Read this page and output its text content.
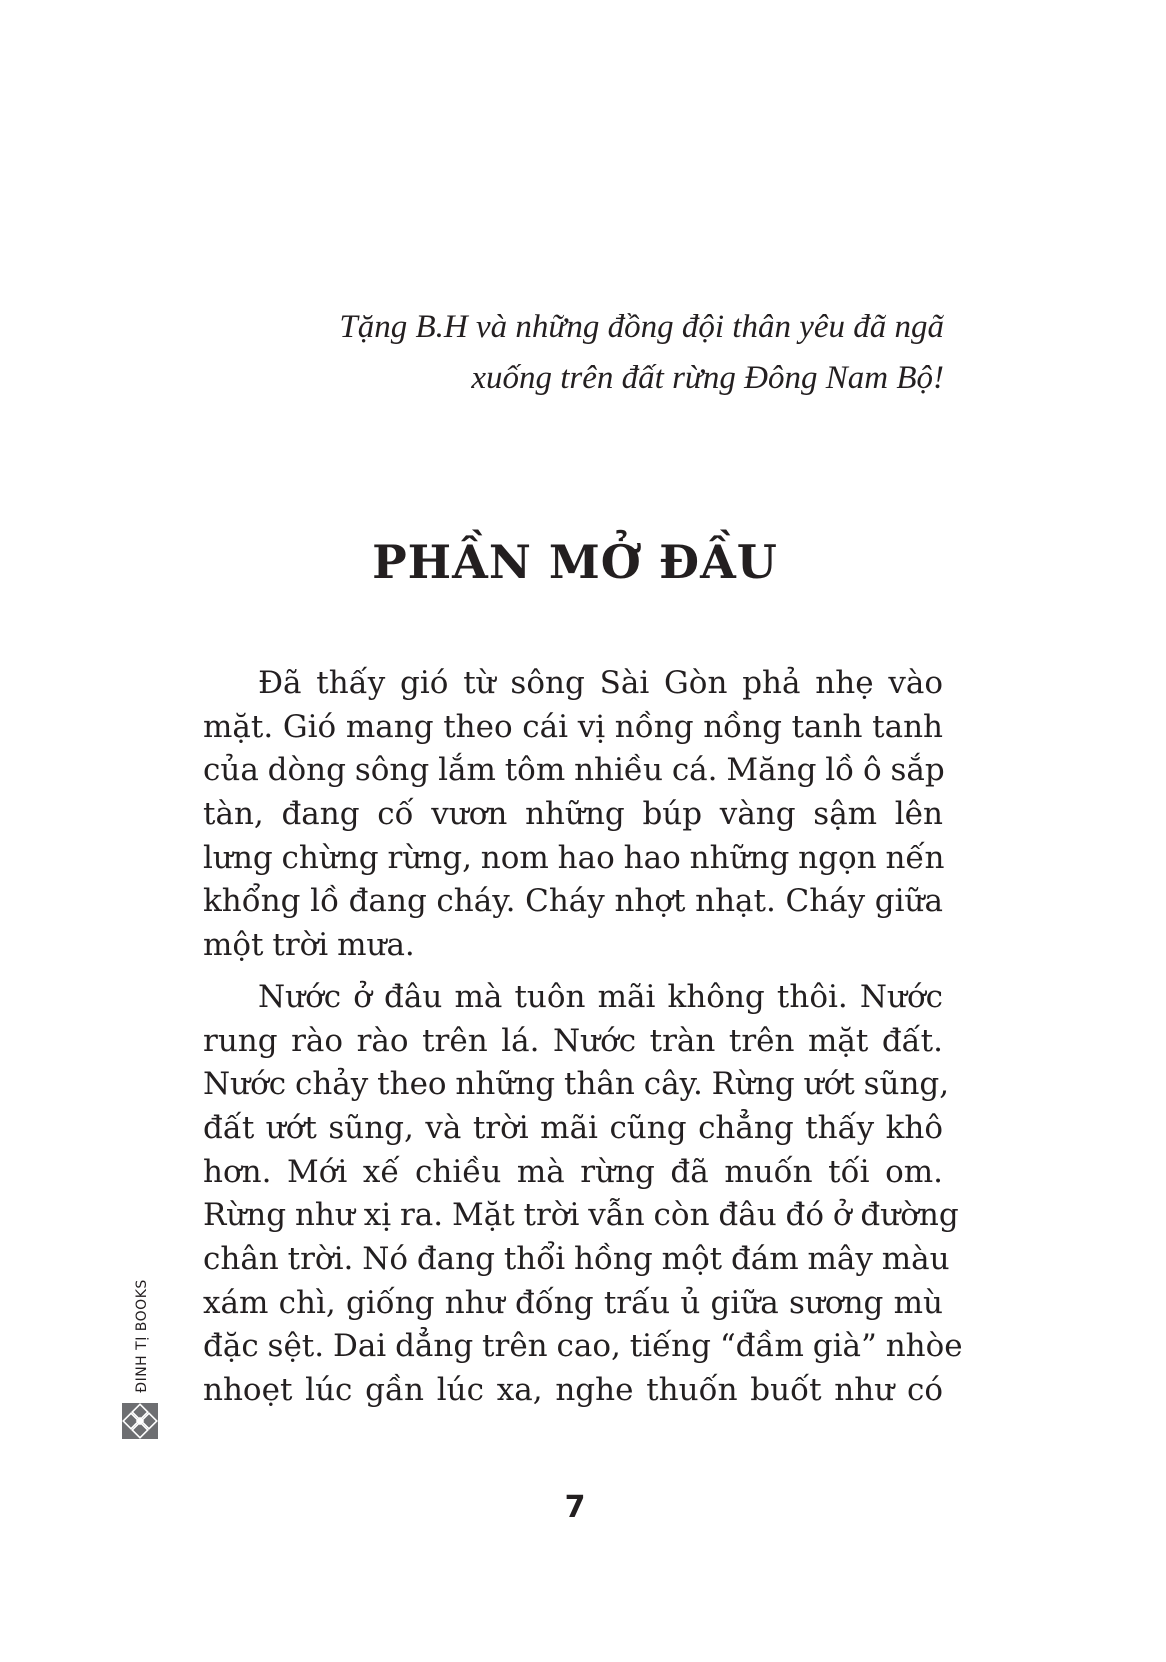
Tặng B.H và những đồng đội thân yêu đã ngã
xuống trên đất rừng Đông Nam Bộ!
PHẦN MỞ ĐẦU
Đã thấy gió từ sông Sài Gòn phả nhẹ vào
mặt. Gió mang theo cái vị nồng nồng tanh tanh
của dòng sông lắm tôm nhiều cá. Măng lồ ô sắp
tàn, đang cố vươn những búp vàng sậm lên
lưng chừng rừng, nom hao hao những ngọn nến
khổng lồ đang cháy. Cháy nhợt nhạt. Cháy giữa
một trời mưa.
Nước ở đâu mà tuôn mãi không thôi. Nước
rung rào rào trên lá. Nước tràn trên mặt đất.
Nước chảy theo những thân cây. Rừng ướt sũng,
đất ướt sũng, và trời mãi cũng chẳng thấy khô
hơn. Mới xế chiều mà rừng đã muốn tối om.
Rừng như xị ra. Mặt trời vẫn còn đâu đó ở đường
chân trời. Nó đang thổi hồng một đám mây màu
xám chì, giống như đống trấu ủ giữa sương mù
đặc sệt. Dai dẳng trên cao, tiếng “đầm già” nhòe
nhoẹt lúc gần lúc xa, nghe thuốn buốt như có
ĐINH TỊ BOOKS
7
